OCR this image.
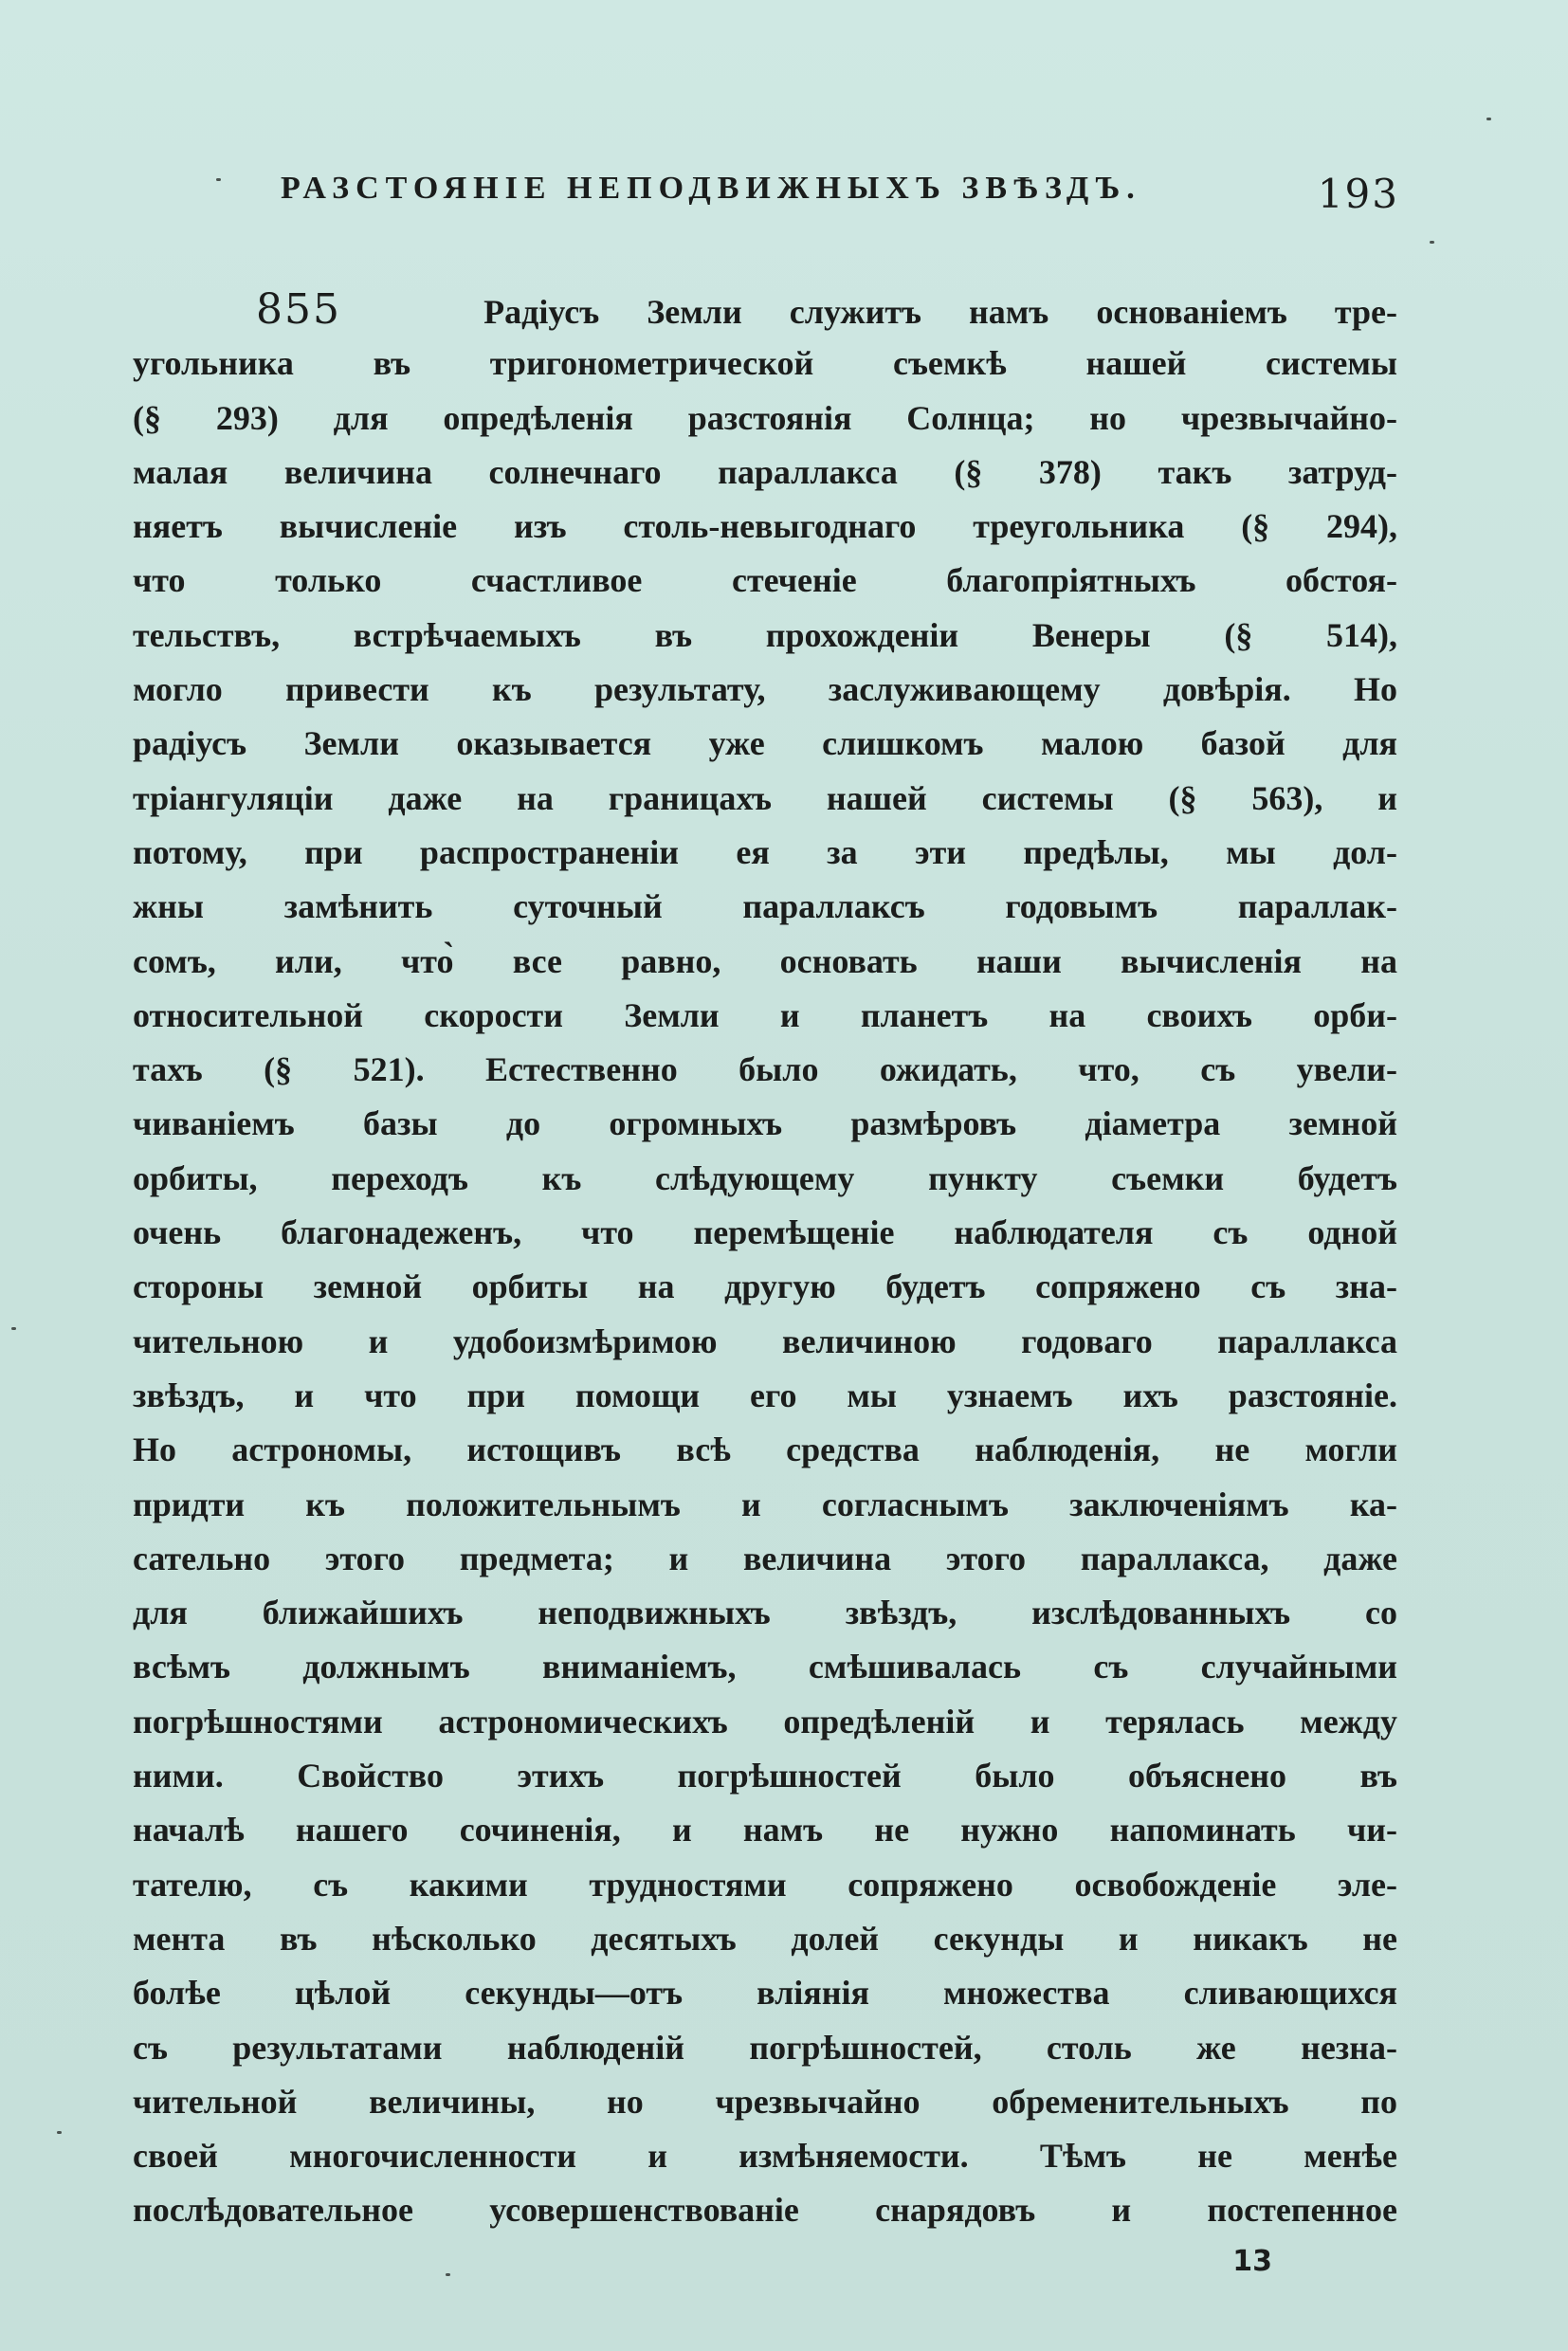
РАЗСТОЯНІЕ НЕПОДВИЖНЫХЪ ЗВѢЗДЪ.	193
855	Радіусъ Земли служитъ намъ основаніемъ тре-
угольника въ тригонометрической съемкѣ нашей системы
(§ 293) для опредѣленія разстоянія Солнца; но чрезвычайно-
малая величина солнечнаго параллакса (§ 378) такъ затруд-
няетъ вычисленіе изъ столь-невыгоднаго треугольника (§ 294),
что только счастливое стеченіе благопріятныхъ обстоя-
тельствъ, встрѣчаемыхъ въ прохожденіи Венеры (§ 514),
могло привести къ результату, заслуживающему довѣрія. Но
радіусъ Земли оказывается уже слишкомъ малою базой для
тріангуляціи даже на границахъ нашей системы (§ 563), и
потому, при распространеніи ея за эти предѣлы, мы дол-
жны замѣнить суточный параллаксъ годовымъ параллак-
сомъ, или, что̀ все равно, основать наши вычисленія на
относительной скорости Земли и планетъ на своихъ орби-
тахъ (§ 521). Естественно было ожидать, что, съ увели-
чиваніемъ базы до огромныхъ размѣровъ діаметра земной
орбиты, переходъ къ слѣдующему пункту съемки будетъ
очень благонадеженъ, что перемѣщеніе наблюдателя съ одной
стороны земной орбиты на другую будетъ сопряжено съ зна-
чительною и удобоизмѣримою величиною годоваго параллакса
звѣздъ, и что при помощи его мы узнаемъ ихъ разстояніе.
Но астрономы, истощивъ всѣ средства наблюденія, не могли
придти къ положительнымъ и согласнымъ заключеніямъ ка-
сательно этого предмета; и величина этого параллакса, даже
для ближайшихъ неподвижныхъ звѣздъ, изслѣдованныхъ со
всѣмъ должнымъ вниманіемъ, смѣшивалась съ случайными
погрѣшностями астрономическихъ опредѣленій и терялась между
ними. Свойство этихъ погрѣшностей было объяснено въ
началѣ нашего сочиненія, и намъ не нужно напоминать чи-
тателю, съ какими трудностями сопряжено освобожденіе эле-
мента въ нѣсколько десятыхъ долей секунды и никакъ не
болѣе цѣлой секунды—отъ вліянія множества сливающихся
съ результатами наблюденій погрѣшностей, столь же незна-
чительной величины, но чрезвычайно обременительныхъ по
своей многочисленности и измѣняемости. Тѣмъ не менѣе
послѣдовательное усовершенствованіе снарядовъ и постепенное
13
